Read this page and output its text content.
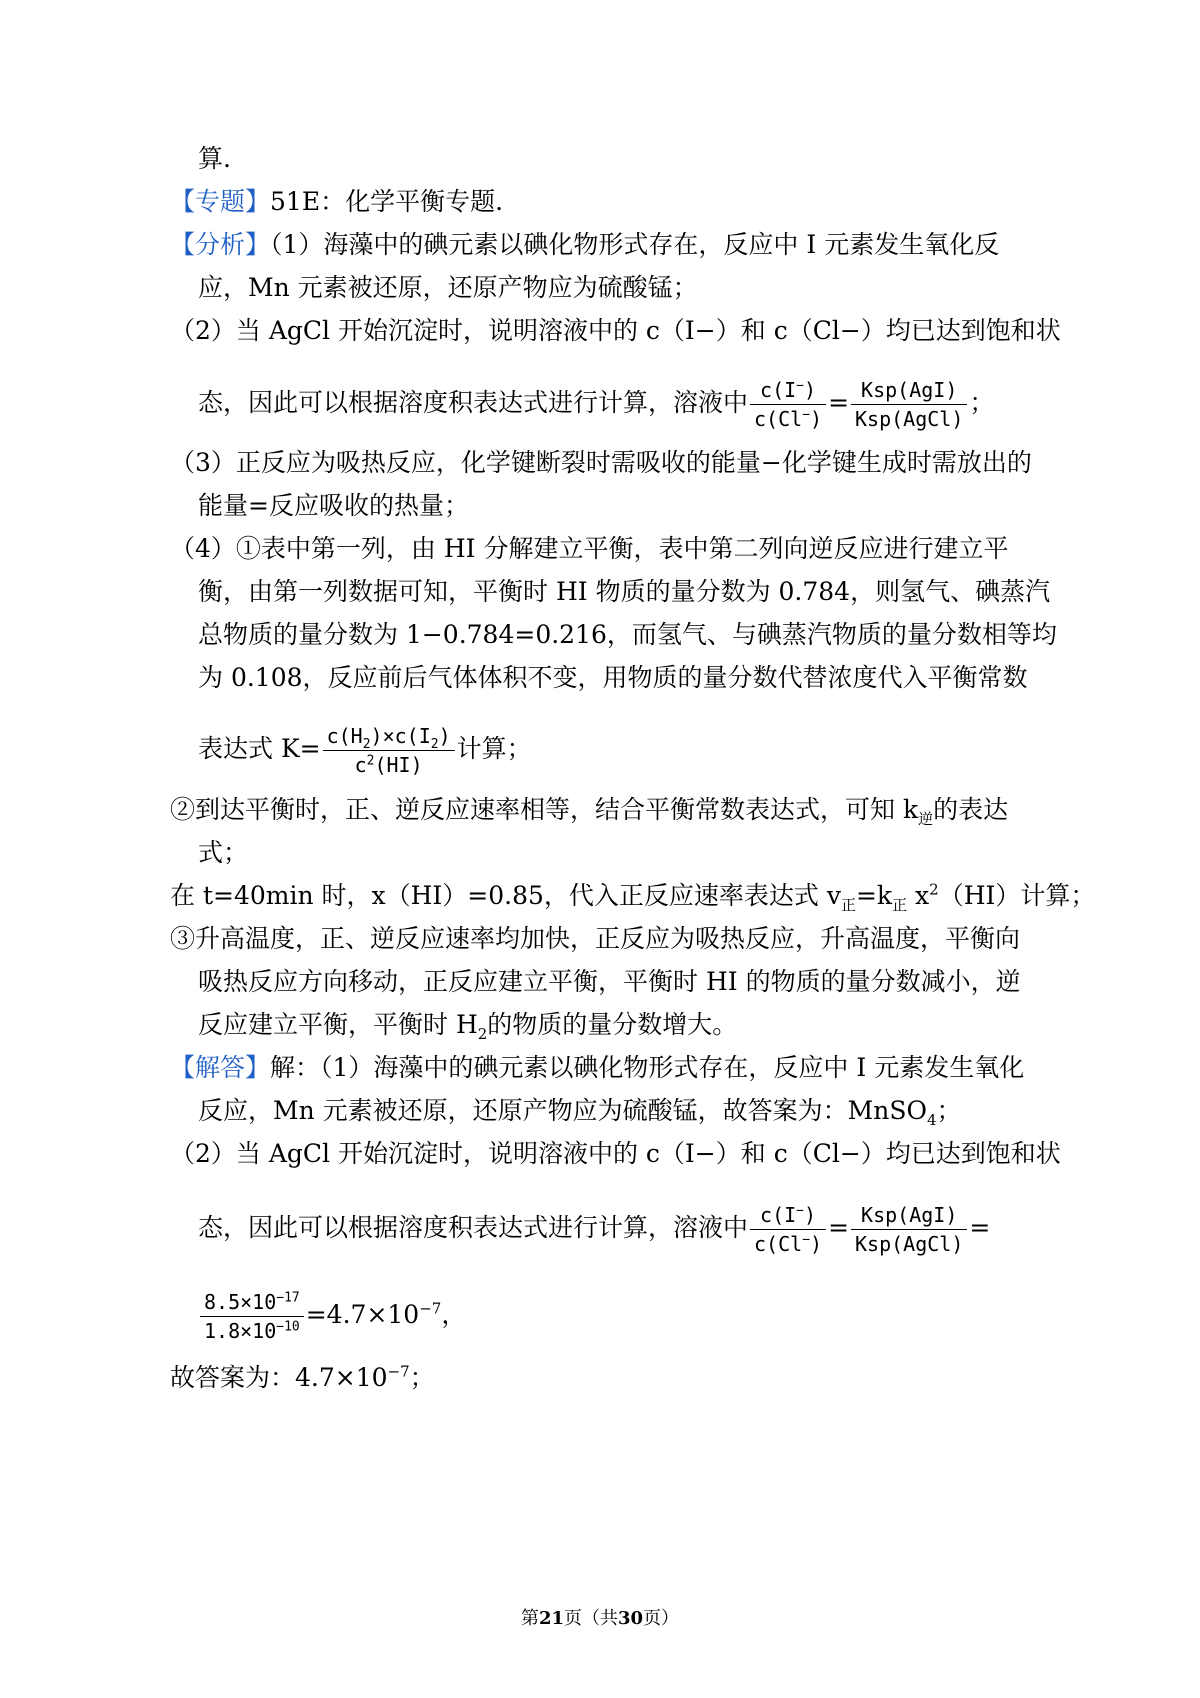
算.
【专题】51E：化学平衡专题.
【分析】（1）海藻中的碘元素以碘化物形式存在，反应中 I 元素发生氧化反
应，Mn 元素被还原，还原产物应为硫酸锰；
（2）当 AgCl 开始沉淀时，说明溶液中的 c（I−）和 c（Cl−）均已达到饱和状
态，因此可以根据溶度积表达式进行计算，溶液中 $\frac{c(I^-)}{c(Cl^-)} = Ksp(AgI)$
Ksp(AgCl)
；
（3）正反应为吸热反应，化学键断裂时需吸收的能量−化学键生成时需放出的
能量=反应吸收的热量；
（4）①表中第一列，由 HI 分解建立平衡，表中第二列向逆反应进行建立平
衡，由第一列数据可知，平衡时 HI 物质的量分数为 0.784，则氢气、碘蒸汽
总物质的量分数为 1−0.784=0.216，而氢气、与碘蒸汽物质的量分数相等均
为 0.108，反应前后气体体积不变，用物质的量分数代替浓度代入平衡常数
表达式 $K= \frac{c(H_2)\times c(I_2)}{c^2(HI)}$ 计算；
②到达平衡时，正、逆反应速率相等，结合平衡常数表达式，可知 $k_逆$的表达
式；
在 t=40min 时，x（HI）=0.85，代入正反应速率表达式 $v_正=k_正$ $x^2(HI)$计算；
③升高温度，正、逆反应速率均加快，正反应为吸热反应，升高温度，平衡向
吸热反应方向移动，正反应建立平衡，平衡时 HI 的物质的量分数减小，逆
反应建立平衡，平衡时 $H_2$的物质的量分数增大。
【解答】解：（1）海藻中的碘元素以碘化物形式存在，反应中 I 元素发生氧化
反应，Mn 元素被还原，还原产物应为硫酸锰，故答案为：MnSO$_4$；
（2）当 AgCl 开始沉淀时，说明溶液中的 c（I−）和 c（Cl−）均已达到饱和状
态，因此可以根据溶度积表达式进行计算，溶液中 $\frac{c(I^-)}{c(Cl^-)} = Ksp(AgI)$
Ksp(AgCl)
=
$\frac{8.5\times 10^{-17}}{1.8\times 10^{-10}} =4.7\times 10^{-7}$，
故答案为：$4.7\times 10^{-7}$；
第21页（共30页）
